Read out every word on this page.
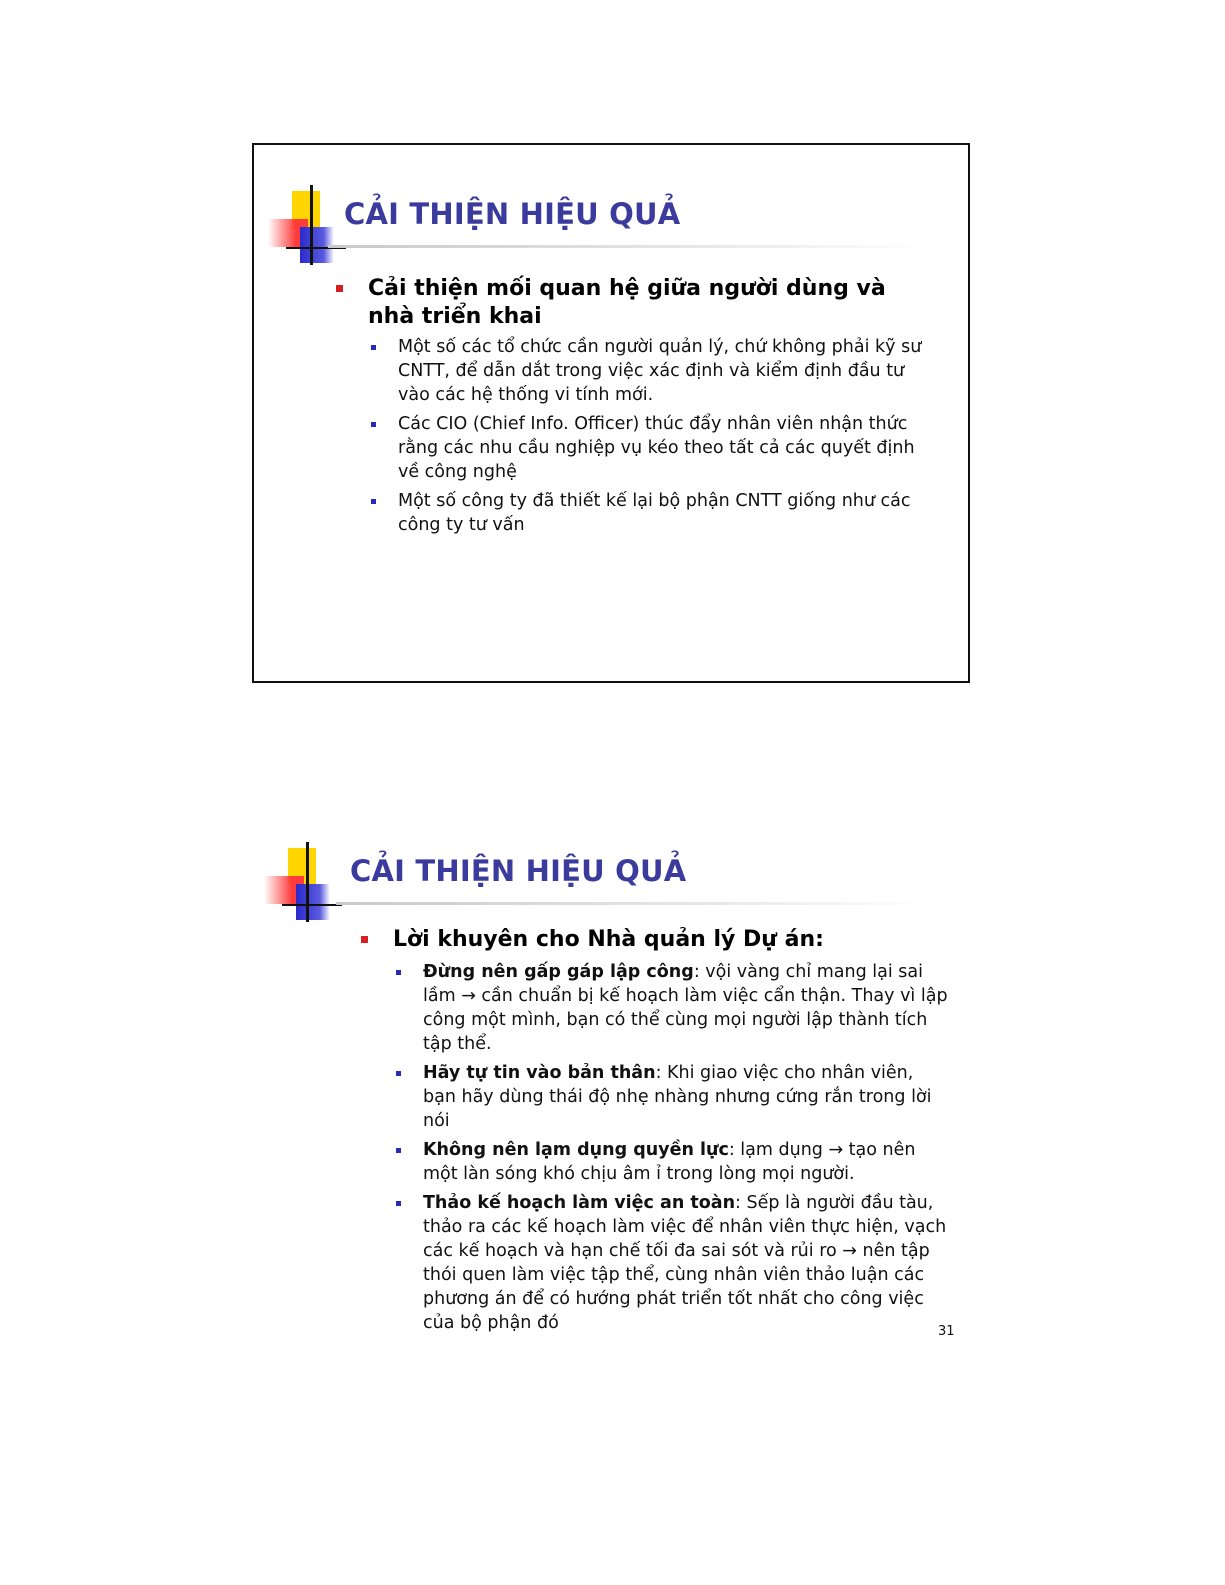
CẢI THIỆN HIỆU QUẢ
Cải thiện mối quan hệ giữa người dùng và nhà triển khai
Một số các tổ chức cần người quản lý, chứ không phải kỹ sư CNTT, để dẫn dắt trong việc xác định và kiểm định đầu tư vào các hệ thống vi tính mới.
Các CIO (Chief Info. Officer) thúc đẩy nhân viên nhận thức rằng các nhu cầu nghiệp vụ kéo theo tất cả các quyết định về công nghệ
Một số công ty đã thiết kế lại bộ phận CNTT giống như các công ty tư vấn
CẢI THIỆN HIỆU QUẢ
Lời khuyên cho Nhà quản lý Dự án:
Đừng nên gấp gáp lập công: vội vàng chỉ mang lại sai lầm → cần chuẩn bị kế hoạch làm việc cẩn thận. Thay vì lập công một mình, bạn có thể cùng mọi người lập thành tích tập thể.
Hãy tự tin vào bản thân: Khi giao việc cho nhân viên, bạn hãy dùng thái độ nhẹ nhàng nhưng cứng rắn trong lời nói
Không nên lạm dụng quyền lực: lạm dụng → tạo nên một làn sóng khó chịu âm ỉ trong lòng mọi người.
Thảo kế hoạch làm việc an toàn: Sếp là người đầu tàu, thảo ra các kế hoạch làm việc để nhân viên thực hiện, vạch các kế hoạch và hạn chế tối đa sai sót và rủi ro → nên tập thói quen làm việc tập thể, cùng nhân viên thảo luận các phương án để có hướng phát triển tốt nhất cho công việc của bộ phận đó	31
